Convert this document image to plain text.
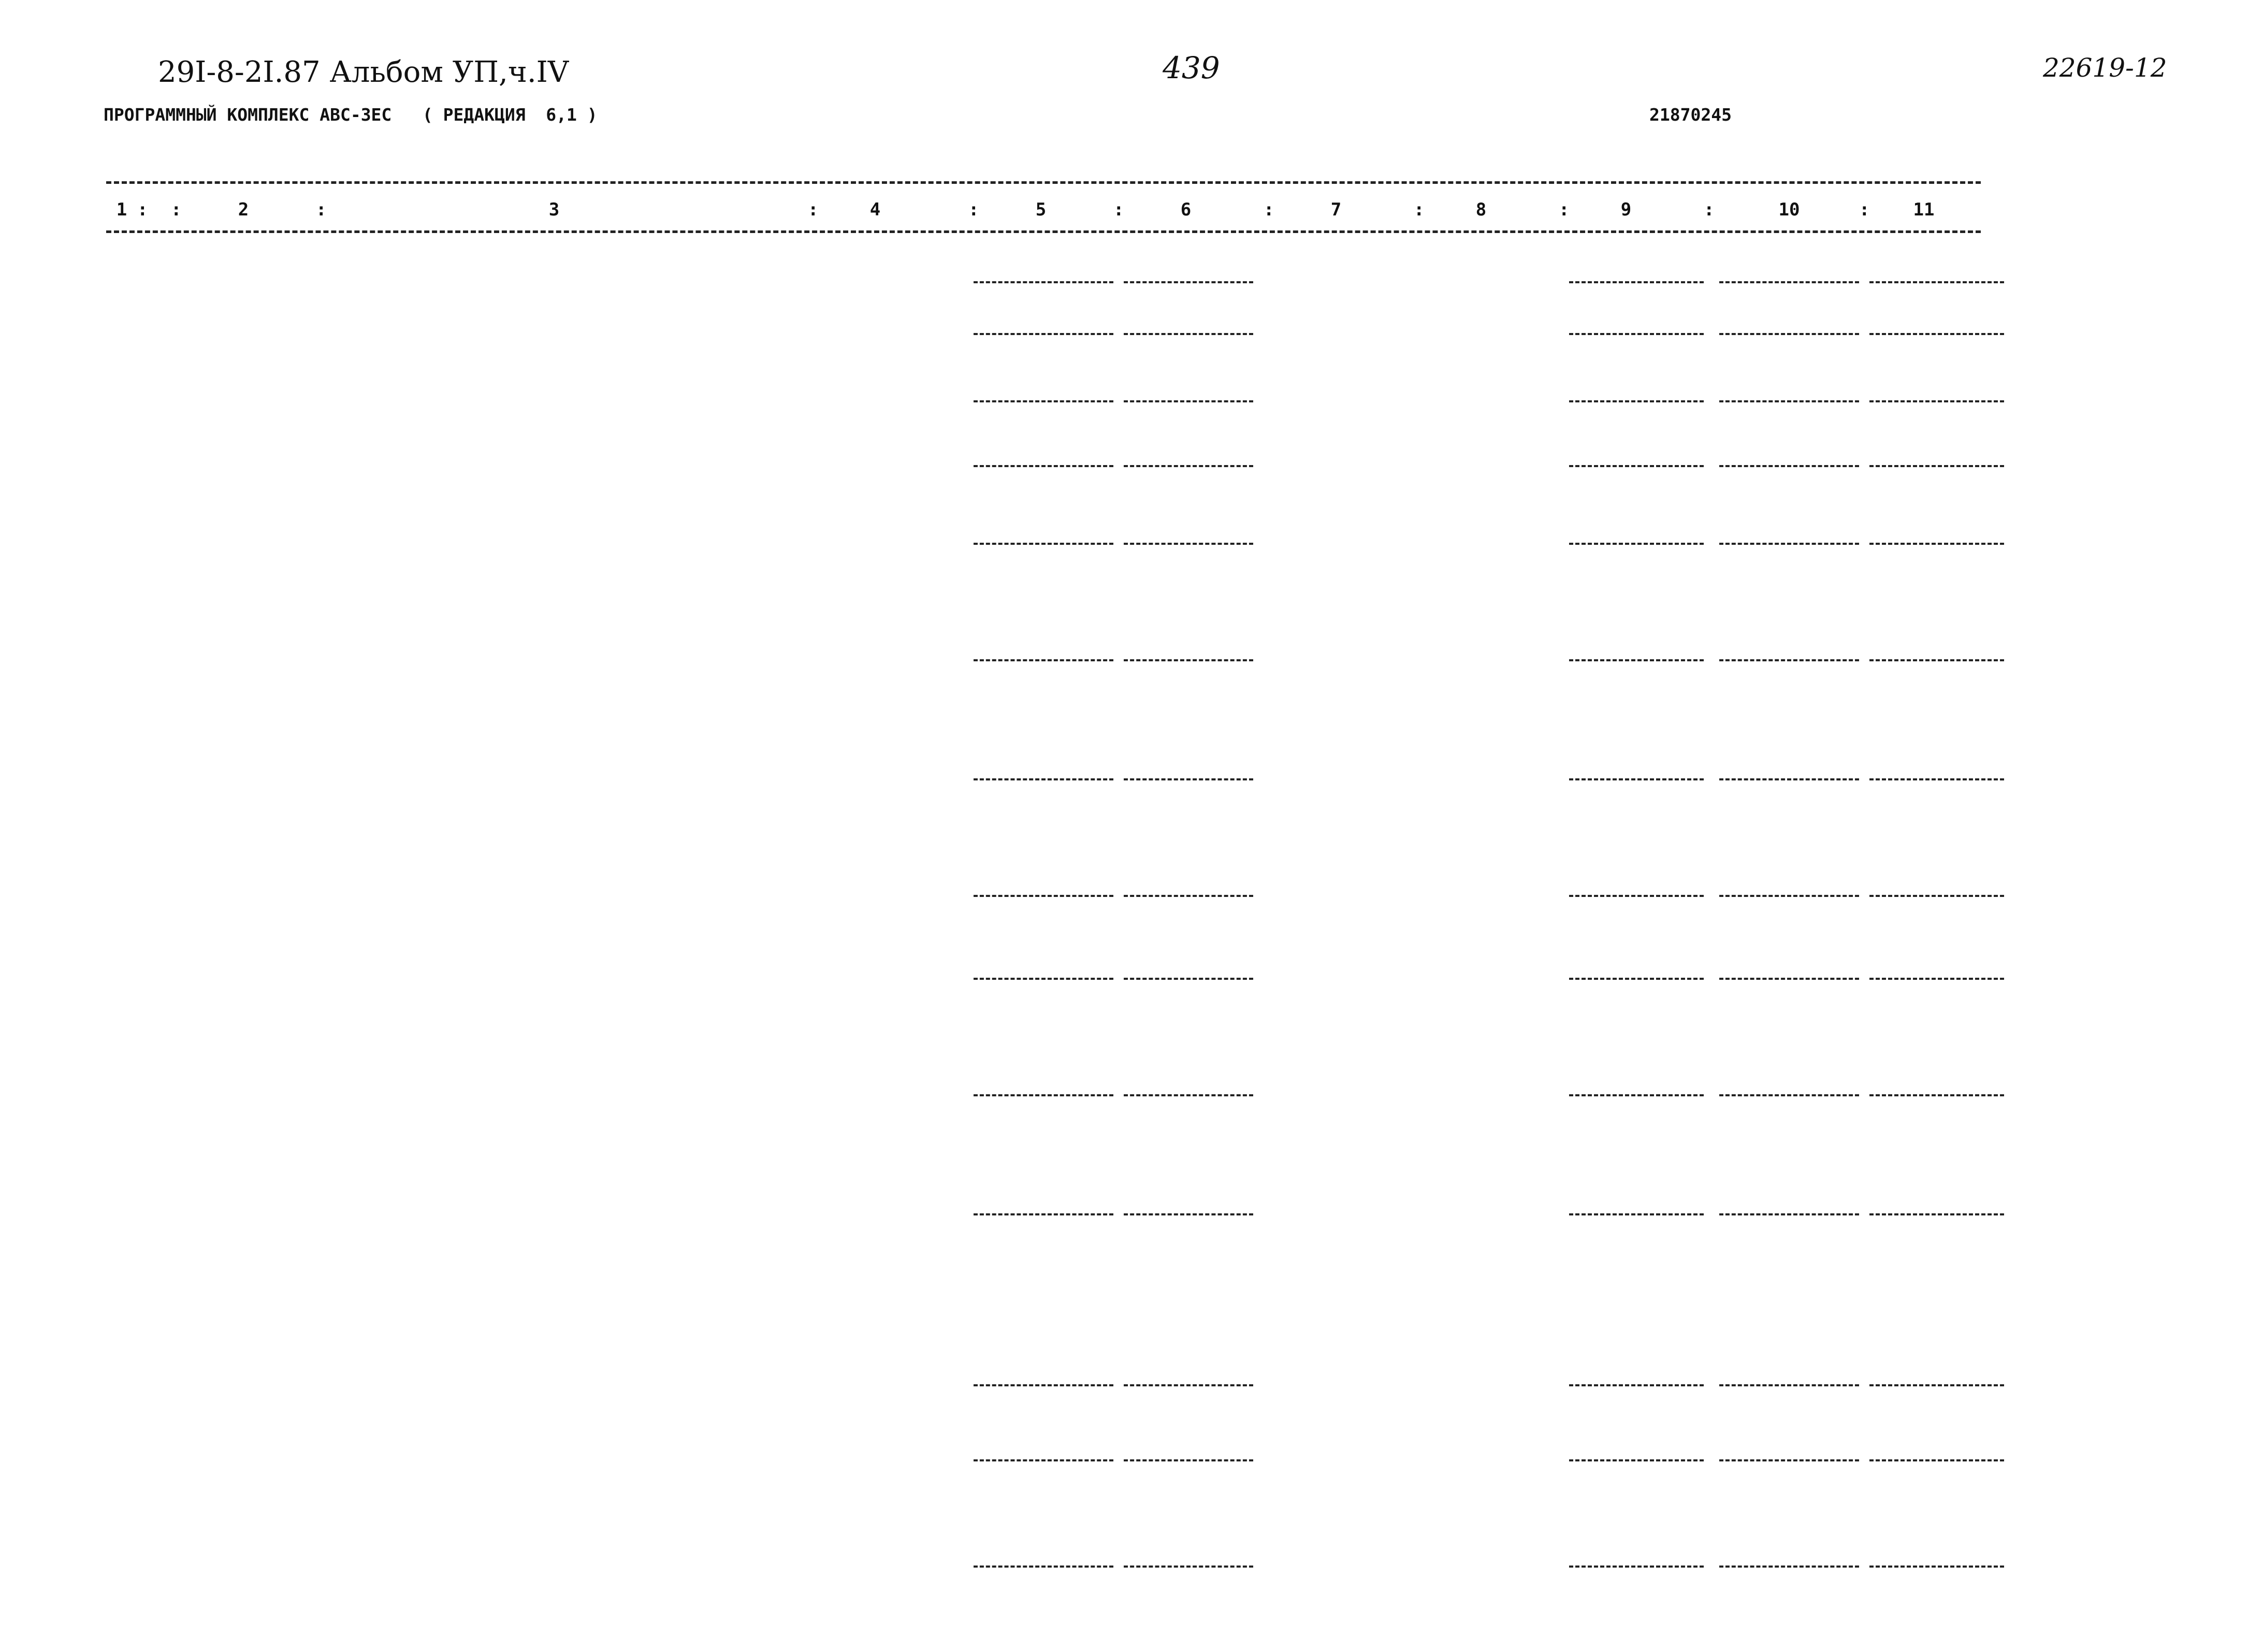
29I-8-2I.87 Альбом УП,ч.IV	439	22619-12
ПРОГРАММНЫЙ КОМПЛЕКС АВС-ЗЕС   ( РЕДАКЦИЯ  6,1 )	21870245
1	2	3	4	5	6	7	8	9	10	11
: :	:	:	:	:	:	:	:	:	:
